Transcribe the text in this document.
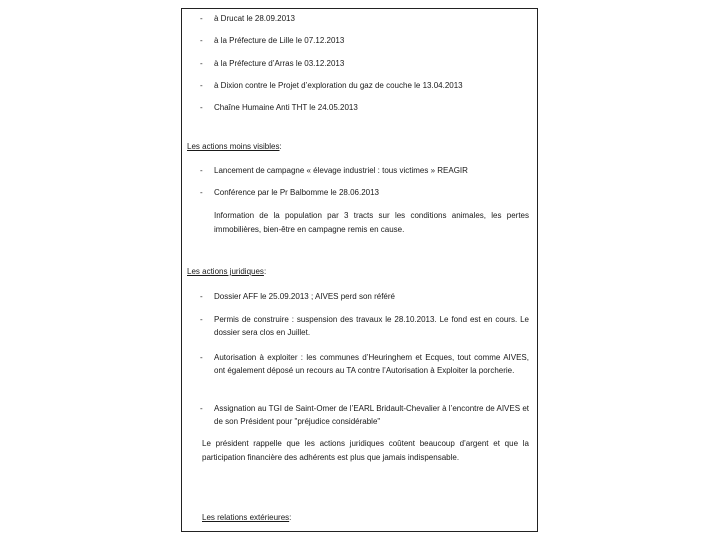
- à Drucat le 28.09.2013
- à la Préfecture de Lille le 07.12.2013
- à la Préfecture d’Arras le 03.12.2013
- à Dixion contre le Projet d’exploration du gaz de couche le 13.04.2013
- Chaîne Humaine Anti THT le 24.05.2013
Les actions moins visibles:
- Lancement de campagne « élevage industriel : tous victimes » REAGIR
- Conférence par le Pr Balbomme le 28.06.2013
Information de la population par 3 tracts sur les conditions animales, les pertes immobilières, bien-être en campagne remis en cause.
Les actions juridiques:
- Dossier AFF le 25.09.2013 ; AIVES perd son référé
- Permis de construire : suspension des travaux le 28.10.2013. Le fond est en cours. Le dossier sera clos en Juillet.
- Autorisation à exploiter : les communes d’Heuringhem et Ecques, tout comme AIVES, ont également déposé un recours au TA contre l’Autorisation à Exploiter la porcherie.
- Assignation au TGI de Saint-Omer de l’EARL Bridault-Chevalier à l’encontre de AIVES et de son Président pour "préjudice considérable"
Le président rappelle que les actions juridiques coûtent beaucoup d’argent et que la participation financière des adhérents est plus que jamais indispensable.
Les relations extérieures:
